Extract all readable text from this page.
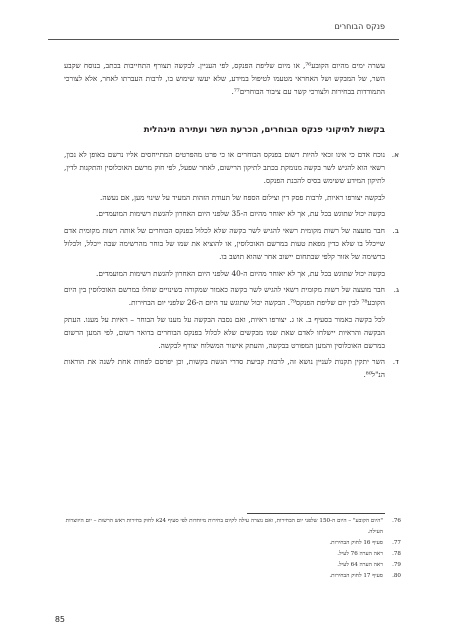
פנקס הבוחרים

עשרה ימים מהיום הקובע⁷⁶, או מיום שליפת הפנקס, לפי העניין. לבקשה תצורף התחייבות בכתב, בנוסח שקבע השר, של המבקש ושל האחראי מטעמו לטיפול במידע, שלא יעשו שימוש בו, לרבות העברתו לאחר, אלא לצורכי התמודדות בבחירות ולצורכי קשר עם ציבור הבוחרים⁷⁷.

בקשות לתיקוני פנקס הבוחרים, הכרעת השר ועתירה מינהלית
א.

נוכח אדם כי אינו זכאי להיות רשום בפנקס הבוחרים או כי פרט מהפרטים המתייחסים אליו נרשם באופן לא נכון, רשאי הוא להגיש לשר בקשה מנומקת בכתב לתיקון הרישום, לאחר שפעל, לפי חוק מרשם האוכלוסין והתקנות לדין, לתיקון המידע ששימש בסיס להכנת הפנקס.

לבקשה יצורפו ראיות, לרבות פסק דין וצילום הספח של תעודת הזהות המעיד על שינוי מען, אם נעשה.

בקשה יכול שתוגש בכל עת, אך לא יאוחר מהיום ה-35 שלפני היום האחרון להגשת רשימות המועמדים.

ב.

חבר מועצה של רשות מקומית רשאי להגיש לשר בקשה שלא לכלול בפנקס הבוחרים של אותה רשות מקומית אדם שייכלל בו שלא כדין מפאת טעות במרשם האוכלוסין, או להוציא את שמו של בוחר מהרשימה שבה ייכלל, ולכלול ברשימה של אזור קלפי שבתחום יישוב אחר שהוא תושב בו.

בקשה יכול שתוגש בכל עת, אך לא יאוחר מהיום ה-40 שלפני היום האחרון להגשת רשימות המועמדים.

ג.

חבר מועצה של רשות מקומית רשאי להגיש לשר בקשה כאמור שמקורה בשינויים שחלו במרשם האוכלוסין בין היום הקובע⁷⁸ לבין יום שליפת הפנקס⁷⁹. הבקשה יכול שתוגש עד היום ה-26 שלפני יום הבחירות.

לכל בקשה כאמור בסעיף ב. או ג. יצורפו ראיות, ואם נסבה הבקשה על מענו של הבוחר – ראיות על מענו. העתק הבקשה והראיות יישלחו לאדם שאת שמו מבקשים שלא לכלול בפנקס הבוחרים בדואר רשום, לפי המען הרשום במרשם האוכלוסין והמען המפורט בבקשה, והעתק אישור המשלוח יצורף לבקשה.

ד.

השר יתקין תקנות לעניין נושא זה, לרבות קביעת סדרי הגשת בקשות, וכן יפרסם לפחות אחת לשנה את הוראות הנ"ל⁸⁰.

76.
"היום הקובע" – היום ה-150 שלפני יום הבחירות, ואם נוצרה עילה לקיום בחירות מיוחדות לפי סעיף 24א לחוק בחירות ראש הרשות – יום היווצרות העילה.
77.
סעיף 16 לחוק הבחירות.
78.
ראה הערה 76 לעיל.
79.
ראה הערה 64 לעיל.
80.
סעיף 17 לחוק הבחירות.
85
